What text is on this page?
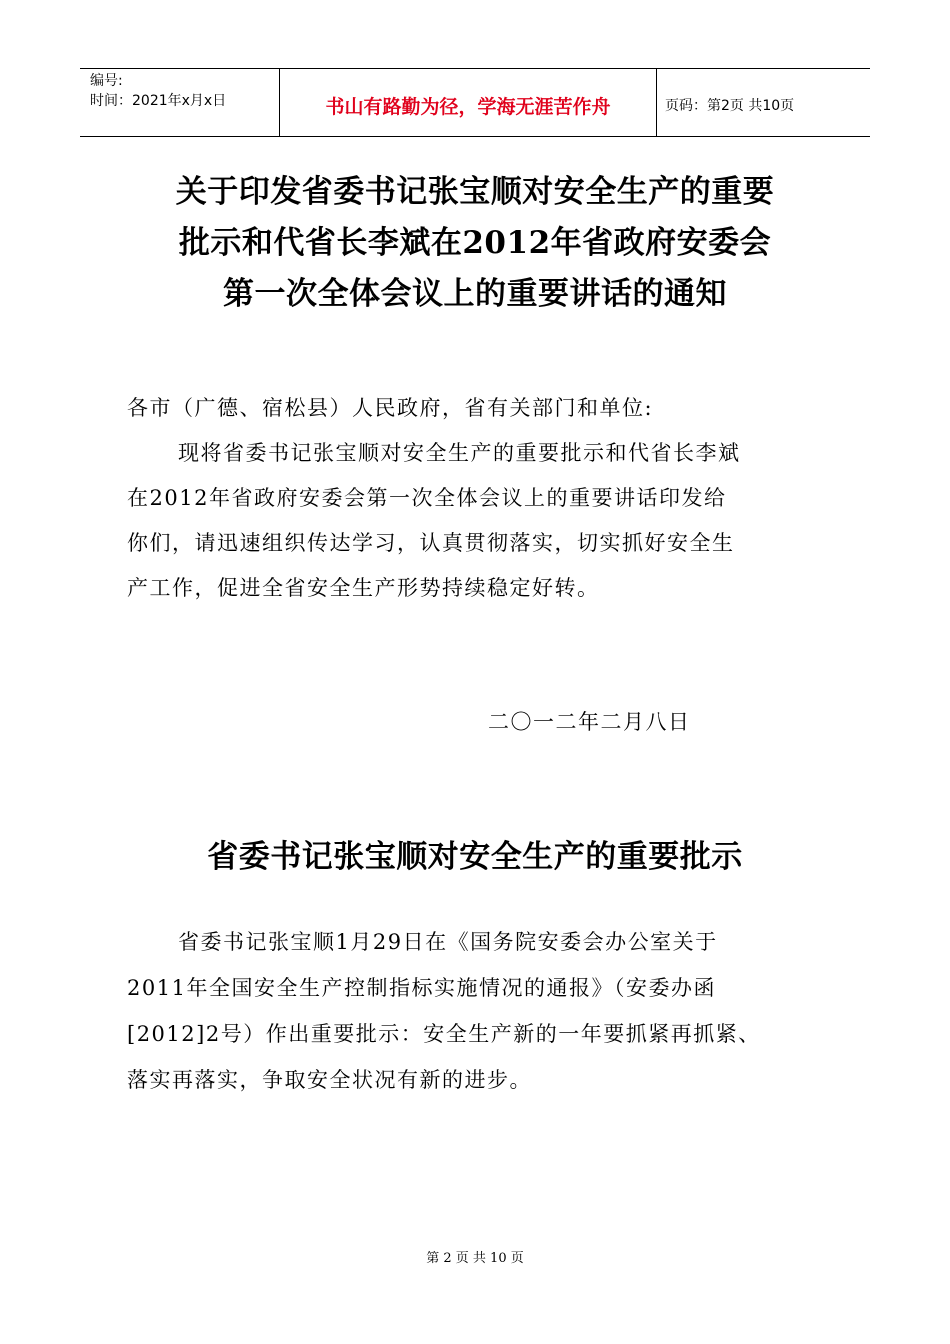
编号:
时间：2021年x月x日	书山有路勤为径，学海无涯苦作舟	页码：第2页 共10页
关于印发省委书记张宝顺对安全生产的重要
批示和代省长李斌在2012年省政府安委会
第一次全体会议上的重要讲话的通知
各市（广德、宿松县）人民政府，省有关部门和单位:
现将省委书记张宝顺对安全生产的重要批示和代省长李斌
在2012年省政府安委会第一次全体会议上的重要讲话印发给
你们，请迅速组织传达学习，认真贯彻落实，切实抓好安全生
产工作，促进全省安全生产形势持续稳定好转。
二〇一二年二月八日
省委书记张宝顺对安全生产的重要批示
省委书记张宝顺1月29日在《国务院安委会办公室关于
2011年全国安全生产控制指标实施情况的通报》（安委办函
[2012]2号）作出重要批示：安全生产新的一年要抓紧再抓紧、
落实再落实，争取安全状况有新的进步。
第 2 页 共 10 页
